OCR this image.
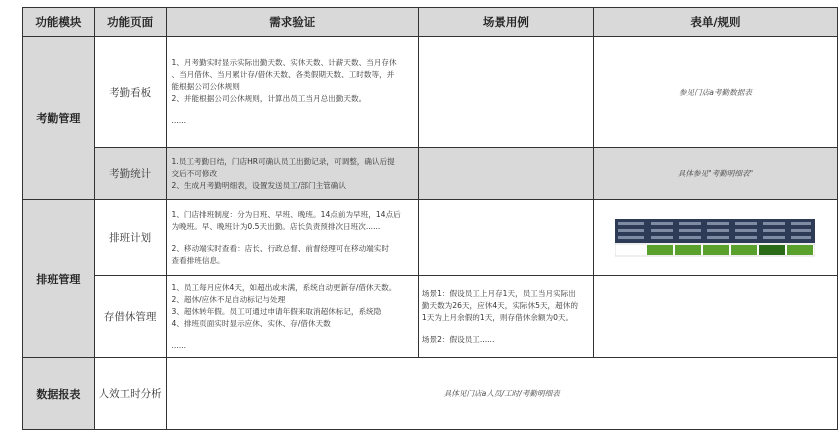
功能模块	功能页面	需求验证	场景用例	表单/规则
考勤管理	考勤看板	1、月考勤实时显示实际出勤天数、实休天数、计薪天数、当月存休
、当月借休、当月累计存/借休天数、各类假期天数、工时数等，并
能根据公司公休规则
2、并能根据公司公休规则，计算出员工当月总出勤天数。
......		参见门店a考勤数据表
	考勤统计	1.员工考勤日结，门店HR可确认员工出勤记录，可调整，确认后提
交后不可修改
2、生成月考勤明细表，设置发送员工/部门主管确认		具体参见"考勤明细表"
排班管理	排班计划	1、门店排班制度：分为日班、早班、晚班。14点前为早班，14点后
为晚班。早、晚班计为0.5天出勤。店长负责预排次日班次......
2、移动端实时查看：店长、行政总督、前督经理可在移动端实时
查看排班信息。

	存借休管理	1、员工每月应休4天，如超出或未满，系统自动更新存/借休天数。
2、超休/应休不足自动标记与处理
3、超休转年假。员工可通过申请年假来取消超休标记，系统隐
4、排班页面实时显示应休、实休、存/借休天数
......	场景1：假设员工上月存1天，员工当月实际出
勤天数为26天，应休4天，实际休5天，超休的
1天为上月余假的1天，则存借休余额为0天。
场景2：假设员工......	

数据报表	人效工时分析	具体见门店a人员/工时/考勤明细表		
